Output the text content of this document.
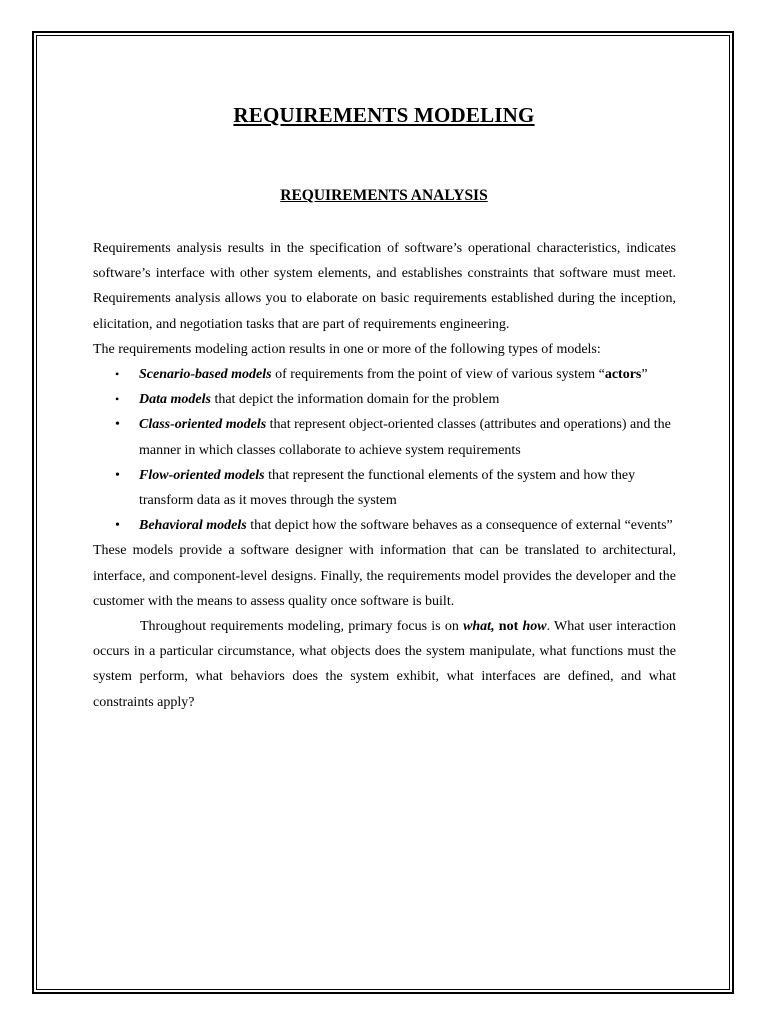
REQUIREMENTS MODELING
REQUIREMENTS ANALYSIS

Requirements analysis results in the specification of software’s operational characteristics, indicates software’s interface with other system elements, and establishes constraints that software must meet. Requirements analysis allows you to elaborate on basic requirements established during the inception, elicitation, and negotiation tasks that are part of requirements engineering.

The requirements modeling action results in one or more of the following types of models:

• Scenario-based models of requirements from the point of view of various system “actors”
• Data models that depict the information domain for the problem
• Class-oriented models that represent object-oriented classes (attributes and operations) and the manner in which classes collaborate to achieve system requirements
• Flow-oriented models that represent the functional elements of the system and how they transform data as it moves through the system
• Behavioral models that depict how the software behaves as a consequence of external “events”

These models provide a software designer with information that can be translated to architectural, interface, and component-level designs. Finally, the requirements model provides the developer and the customer with the means to assess quality once software is built.

Throughout requirements modeling, primary focus is on what, not how. What user interaction occurs in a particular circumstance, what objects does the system manipulate, what functions must the system perform, what behaviors does the system exhibit, what interfaces are defined, and what constraints apply?
